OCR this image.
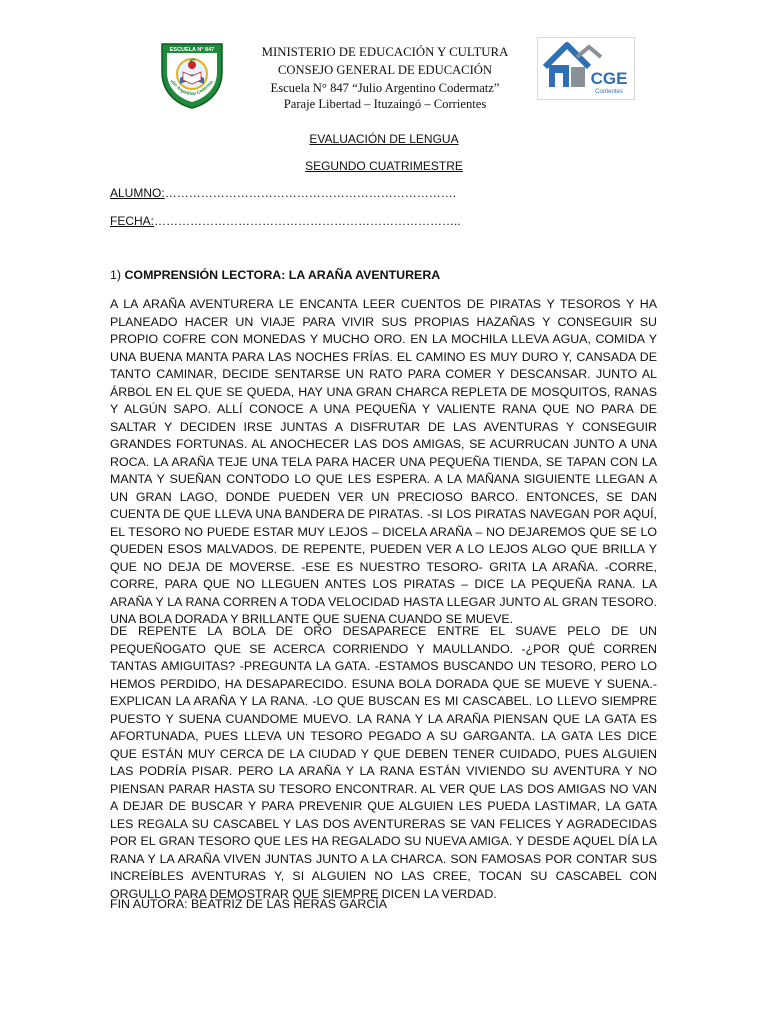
ESCUELA N° 847
ulio Argentino Coderma
MINISTERIO DE EDUCACIÓN Y CULTURA
CONSEJO GENERAL DE EDUCACIÓN
Escuela N° 847 “Julio Argentino Codermatz”
Paraje Libertad – Ituzaingó – Corrientes
CGE
Corrientes
EVALUACIÓN DE LENGUA
SEGUNDO CUATRIMESTRE
ALUMNO:……………………………………………………………….
FECHA:…………………………………………………………………..
1) COMPRENSIÓN LECTORA: LA ARAÑA AVENTURERA
A LA ARAÑA AVENTURERA LE ENCANTA LEER CUENTOS DE PIRATAS Y TESOROS Y HA PLANEADO HACER UN VIAJE PARA VIVIR SUS PROPIAS HAZAÑAS Y CONSEGUIR SU PROPIO COFRE CON MONEDAS Y MUCHO ORO. EN LA MOCHILA LLEVA AGUA, COMIDA Y UNA BUENA MANTA PARA LAS NOCHES FRÍAS. EL CAMINO ES MUY DURO Y, CANSADA DE TANTO CAMINAR, DECIDE SENTARSE UN RATO PARA COMER Y DESCANSAR. JUNTO AL ÁRBOL EN EL QUE SE QUEDA, HAY UNA GRAN CHARCA REPLETA DE MOSQUITOS, RANAS Y ALGÚN SAPO. ALLÍ CONOCE A UNA PEQUEÑA Y VALIENTE RANA QUE NO PARA DE SALTAR Y DECIDEN IRSE JUNTAS A DISFRUTAR DE LAS AVENTURAS Y CONSEGUIR GRANDES FORTUNAS. AL ANOCHECER LAS DOS AMIGAS, SE ACURRUCAN JUNTO A UNA ROCA. LA ARAÑA TEJE UNA TELA PARA HACER UNA PEQUEÑA TIENDA, SE TAPAN CON LA MANTA Y SUEÑAN CONTODO LO QUE LES ESPERA. A LA MAÑANA SIGUIENTE LLEGAN A UN GRAN LAGO, DONDE PUEDEN VER UN PRECIOSO BARCO. ENTONCES, SE DAN CUENTA DE QUE LLEVA UNA BANDERA DE PIRATAS. -SI LOS PIRATAS NAVEGAN POR AQUÍ, EL TESORO NO PUEDE ESTAR MUY LEJOS – DICELA ARAÑA – NO DEJAREMOS QUE SE LO QUEDEN ESOS MALVADOS. DE REPENTE, PUEDEN VER A LO LEJOS ALGO QUE BRILLA Y QUE NO DEJA DE MOVERSE. -ESE ES NUESTRO TESORO- GRITA LA ARAÑA. -CORRE, CORRE, PARA QUE NO LLEGUEN ANTES LOS PIRATAS – DICE LA PEQUEÑA RANA. LA ARAÑA Y LA RANA CORREN A TODA VELOCIDAD HASTA LLEGAR JUNTO AL GRAN TESORO. UNA BOLA DORADA Y BRILLANTE QUE SUENA CUANDO SE MUEVE.
DE REPENTE LA BOLA DE ORO DESAPARECE ENTRE EL SUAVE PELO DE UN PEQUEÑOGATO QUE SE ACERCA CORRIENDO Y MAULLANDO. -¿POR QUÉ CORREN TANTAS AMIGUITAS? -PREGUNTA LA GATA. -ESTAMOS BUSCANDO UN TESORO, PERO LO HEMOS PERDIDO, HA DESAPARECIDO. ESUNA BOLA DORADA QUE SE MUEVE Y SUENA.- EXPLICAN LA ARAÑA Y LA RANA. -LO QUE BUSCAN ES MI CASCABEL. LO LLEVO SIEMPRE PUESTO Y SUENA CUANDOME MUEVO. LA RANA Y LA ARAÑA PIENSAN QUE LA GATA ES AFORTUNADA, PUES LLEVA UN TESORO PEGADO A SU GARGANTA. LA GATA LES DICE QUE ESTÁN MUY CERCA DE LA CIUDAD Y QUE DEBEN TENER CUIDADO, PUES ALGUIEN LAS PODRÍA PISAR. PERO LA ARAÑA Y LA RANA ESTÁN VIVIENDO SU AVENTURA Y NO PIENSAN PARAR HASTA SU TESORO ENCONTRAR. AL VER QUE LAS DOS AMIGAS NO VAN A DEJAR DE BUSCAR Y PARA PREVENIR QUE ALGUIEN LES PUEDA LASTIMAR, LA GATA LES REGALA SU CASCABEL Y LAS DOS AVENTURERAS SE VAN FELICES Y AGRADECIDAS POR EL GRAN TESORO QUE LES HA REGALADO SU NUEVA AMIGA. Y DESDE AQUEL DÍA LA RANA Y LA ARAÑA VIVEN JUNTAS JUNTO A LA CHARCA. SON FAMOSAS POR CONTAR SUS INCREÍBLES AVENTURAS Y, SI ALGUIEN NO LAS CREE, TOCAN SU CASCABEL CON ORGULLO PARA DEMOSTRAR QUE SIEMPRE DICEN LA VERDAD.
FIN AUTORA: BEATRIZ DE LAS HERAS GARCÍA
